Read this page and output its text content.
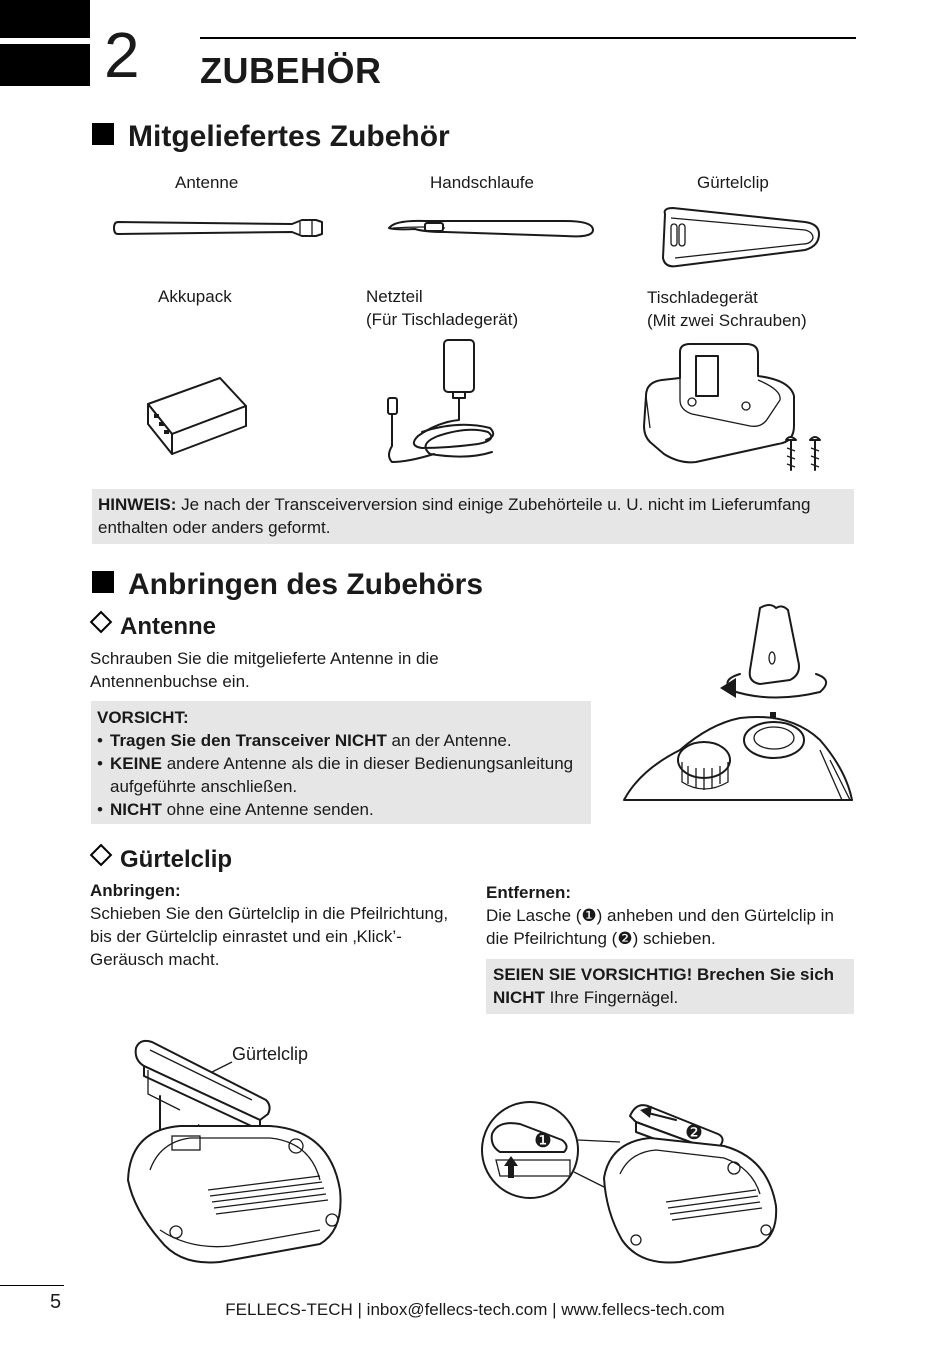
2 ZUBEHÖR
Mitgeliefertes Zubehör
Antenne	Handschlaufe	Gürtelclip
Akkupack	Netzteil
(Für Tischladegerät)
Tischladegerät
(Mit zwei Schrauben)
HINWEIS: Je nach der Transceiverversion sind einige Zubehörteile u. U. nicht im Lieferumfang enthalten oder anders geformt.
Anbringen des Zubehörs
Antenne
Schrauben Sie die mitgelieferte Antenne in die Antennenbuchse ein.
VORSICHT:
• Tragen Sie den Transceiver NICHT an der Antenne.
• KEINE andere Antenne als die in dieser Bedienungsanleitung aufgeführte anschließen.
• NICHT ohne eine Antenne senden.
Gürtelclip
Anbringen:
Schieben Sie den Gürtelclip in die Pfeilrichtung, bis der Gürtelclip einrastet und ein ‚Klick’-Geräusch macht.
Entfernen:
Die Lasche (❶) anheben und den Gürtelclip in die Pfeilrichtung (❷) schieben.
SEIEN SIE VORSICHTIG! Brechen Sie sich NICHT Ihre Fingernägel.
Gürtelclip
❶	❷
5	FELLECS-TECH | inbox@fellecs-tech.com | www.fellecs-tech.com
